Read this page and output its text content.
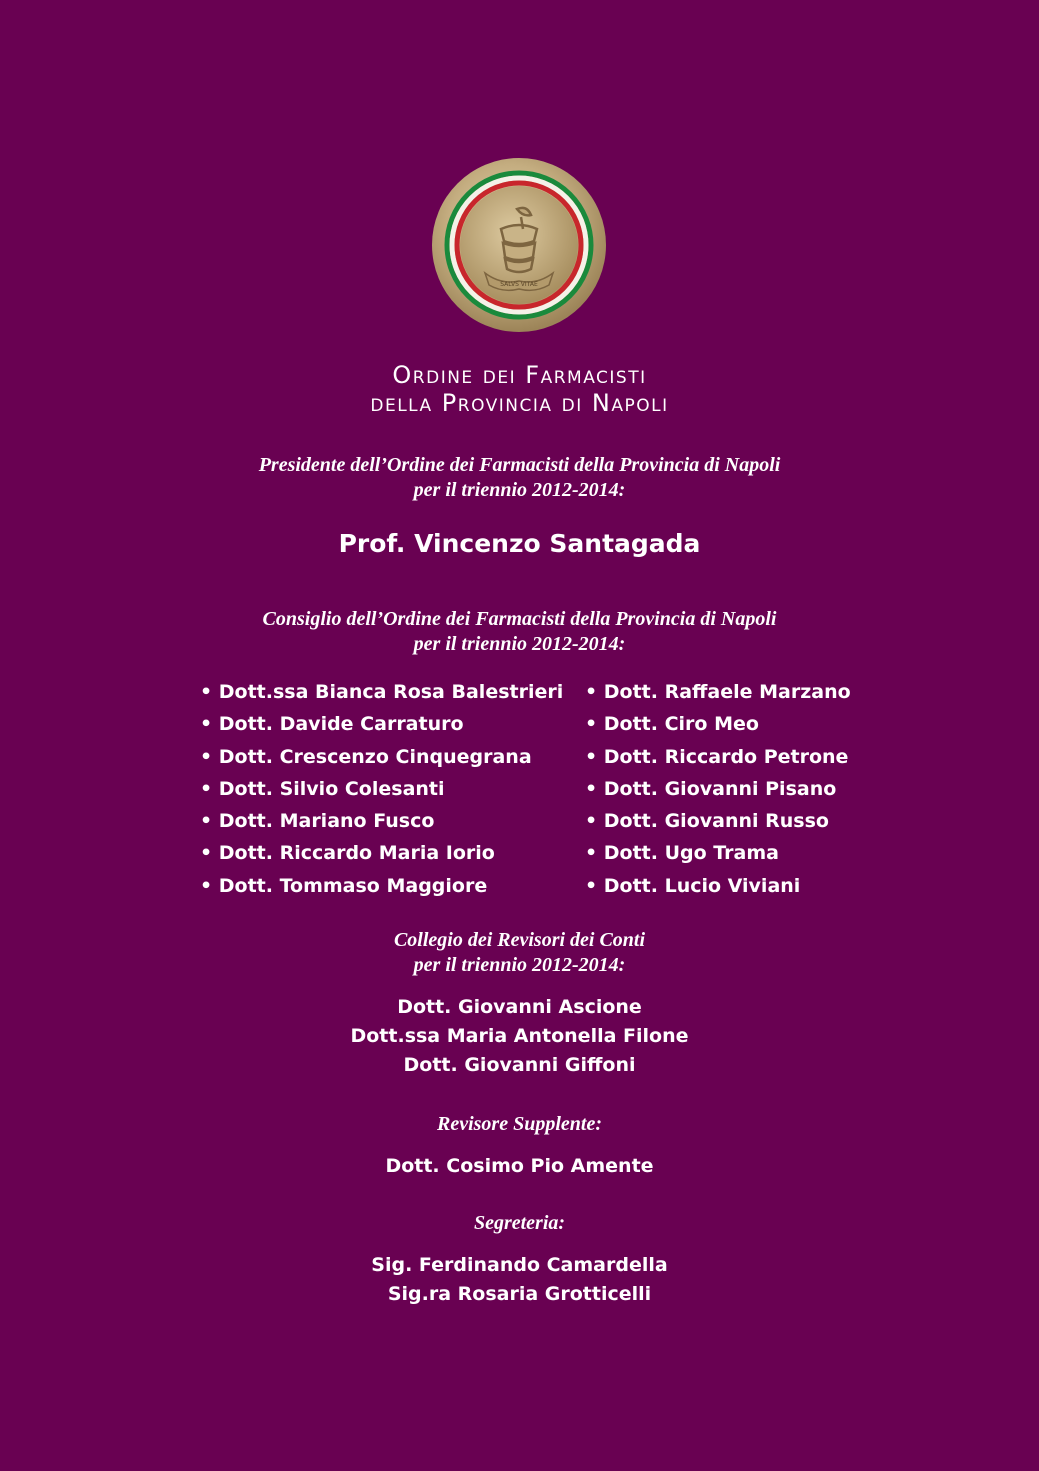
SALVS VITAE
Ordine dei Farmacisti
della Provincia di Napoli
Presidente dell’Ordine dei Farmacisti della Provincia di Napoli
per il triennio 2012-2014:
Prof. Vincenzo Santagada
Consiglio dell’Ordine dei Farmacisti della Provincia di Napoli
per il triennio 2012-2014:
• Dott.ssa Bianca Rosa Balestrieri
• Dott. Davide Carraturo
• Dott. Crescenzo Cinquegrana
• Dott. Silvio Colesanti
• Dott. Mariano Fusco
• Dott. Riccardo Maria Iorio
• Dott. Tommaso Maggiore
• Dott. Raffaele Marzano
• Dott. Ciro Meo
• Dott. Riccardo Petrone
• Dott. Giovanni Pisano
• Dott. Giovanni Russo
• Dott. Ugo Trama
• Dott. Lucio Viviani
Collegio dei Revisori dei Conti
per il triennio 2012-2014:
Dott. Giovanni Ascione
Dott.ssa Maria Antonella Filone
Dott. Giovanni Giffoni
Revisore Supplente:
Dott. Cosimo Pio Amente
Segreteria:
Sig. Ferdinando Camardella
Sig.ra Rosaria Grotticelli
